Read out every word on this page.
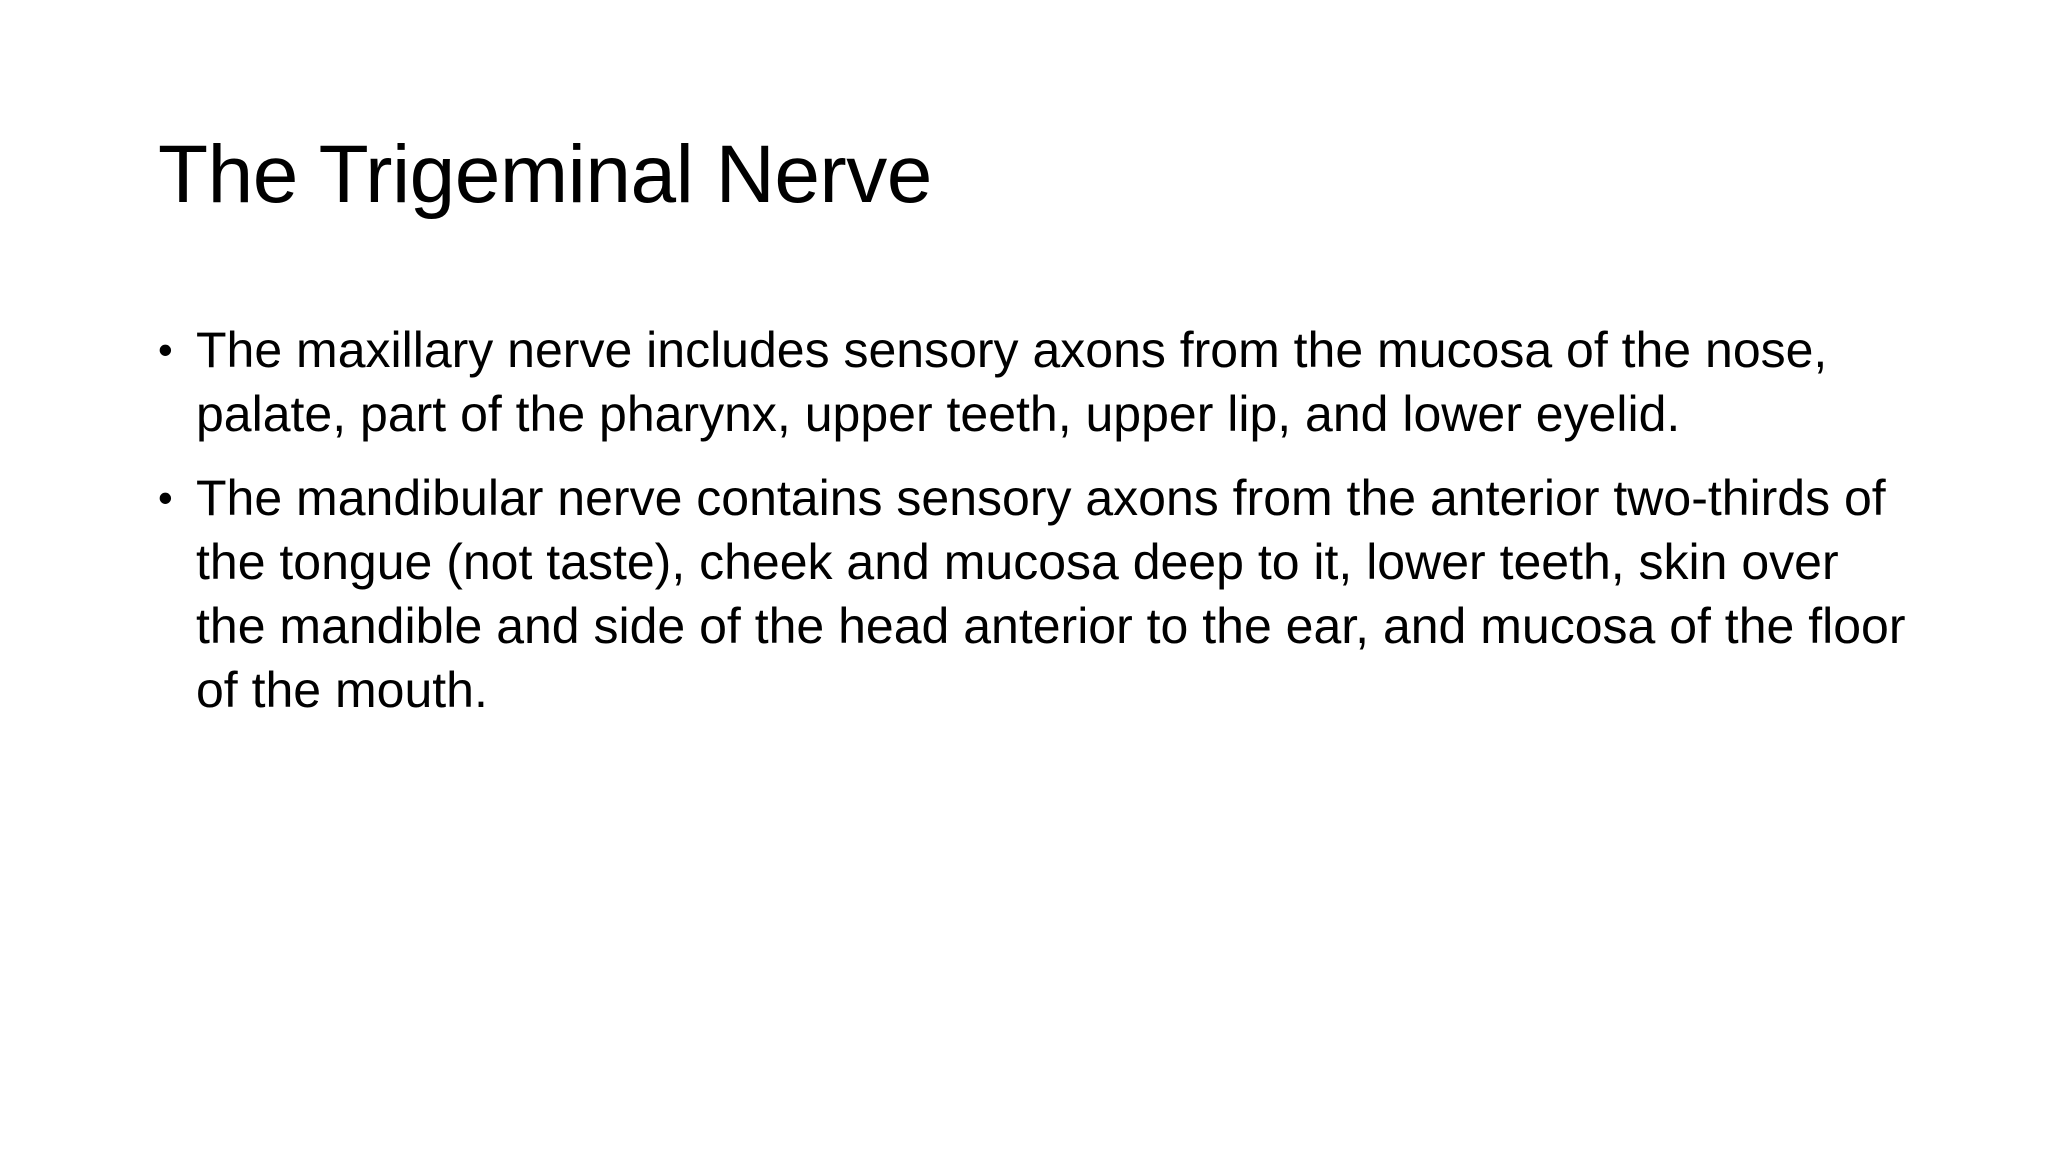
The Trigeminal Nerve
• The maxillary nerve includes sensory axons from the mucosa of the nose, palate, part of the pharynx, upper teeth, upper lip, and lower eyelid.
• The mandibular nerve contains sensory axons from the anterior two-thirds of the tongue (not taste), cheek and mucosa deep to it, lower teeth, skin over the mandible and side of the head anterior to the ear, and mucosa of the floor of the mouth.
